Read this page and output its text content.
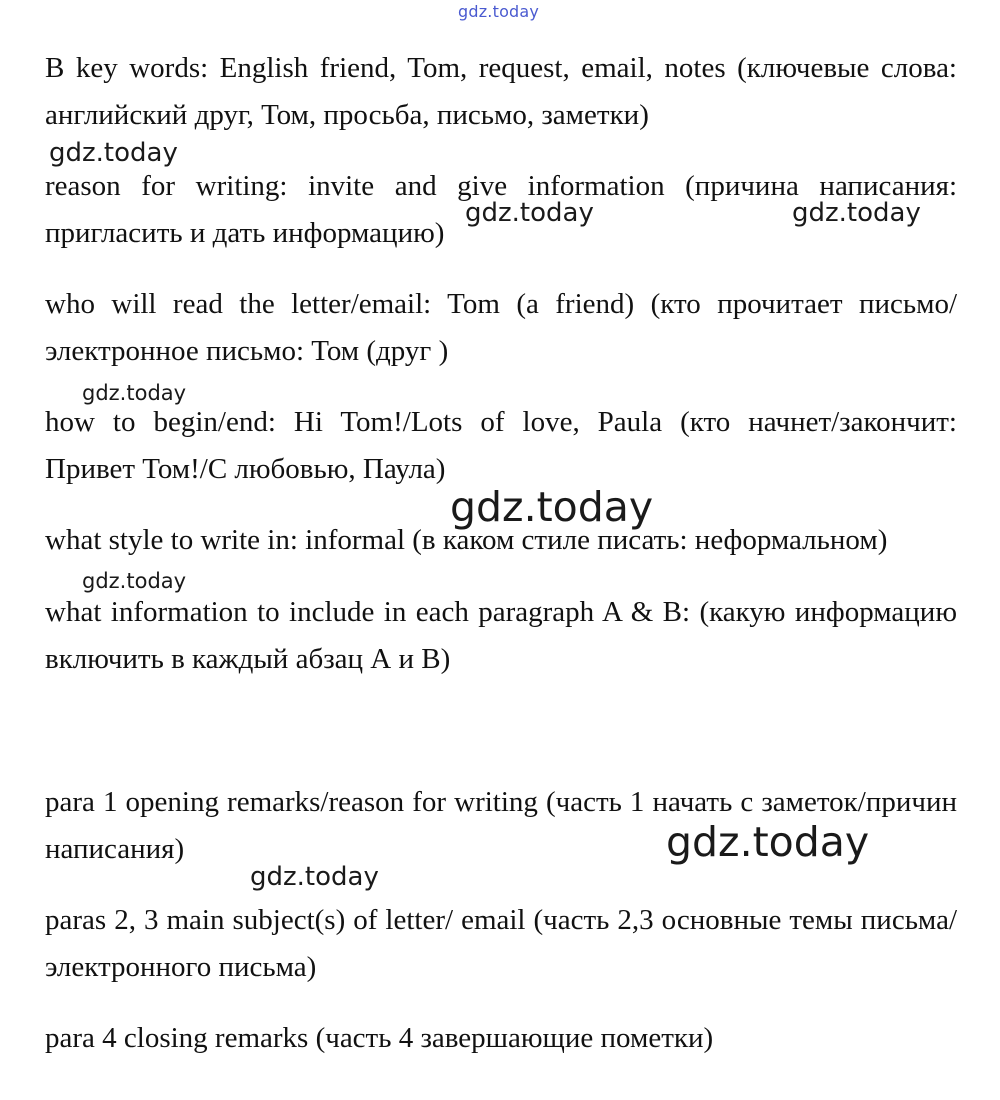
gdz.today

B key words: English friend, Tom, request, email, notes (ключевые слова: английский друг, Том, просьба, письмо, заметки)

reason for writing: invite and give information (причина написания: пригласить и дать информацию)

who will read the letter/email: Tom (a friend) (кто прочитает письмо/электронное письмо: Том (друг )

how to begin/end: Hi Tom!/Lots of love, Paula (кто начнет/закончит: Привет Том!/С любовью, Паула)

what style to write in: informal (в каком стиле писать: неформальном)

what information to include in each paragraph A & B: (какую информацию включить в каждый абзац А и В)

para 1 opening remarks/reason for writing (часть 1 начать с заметок/причин написания)

paras 2, 3 main subject(s) of letter/ email (часть 2,3 основные темы письма/электронного письма)

para 4 closing remarks (часть 4 завершающие пометки)

gdz.today
gdz.today	gdz.today
gdz.today
gdz.today
gdz.today
gdz.today
gdz.today
